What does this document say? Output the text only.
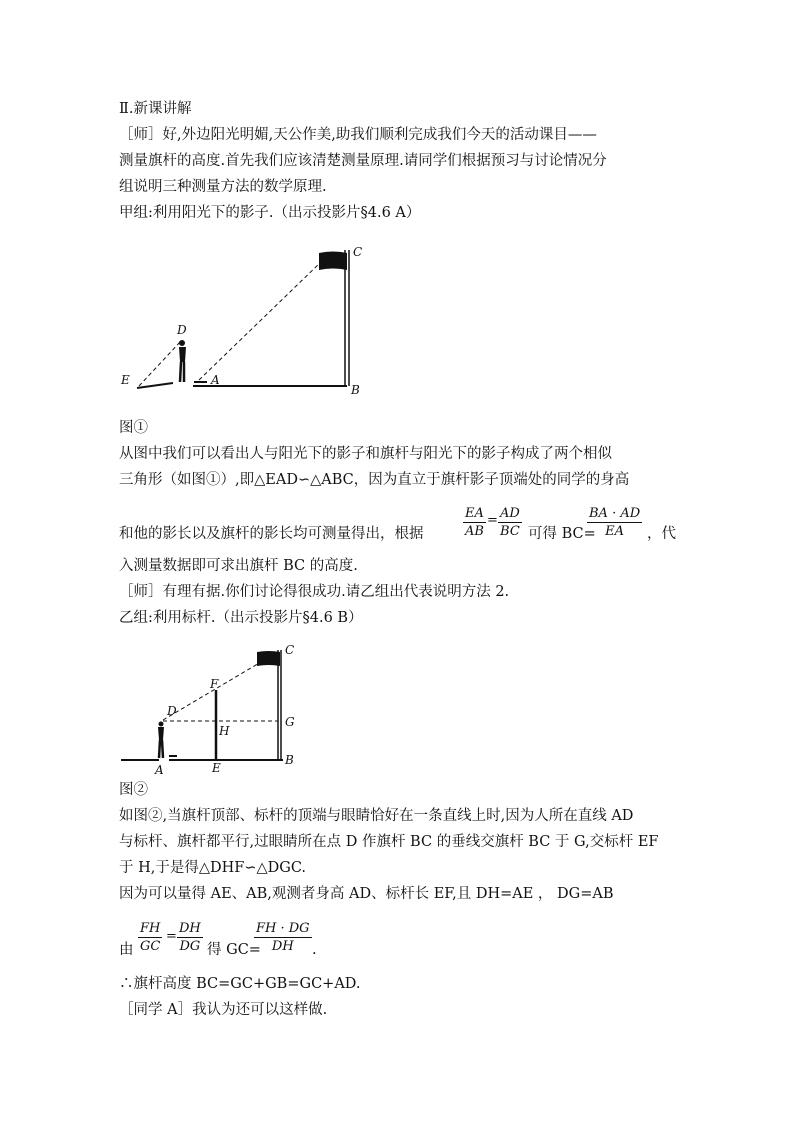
Ⅱ.新课讲解
［师］好,外边阳光明媚,天公作美,助我们顺利完成我们今天的活动课目——
测量旗杆的高度.首先我们应该清楚测量原理.请同学们根据预习与讨论情况分
组说明三种测量方法的数学原理.
甲组:利用阳光下的影子.（出示投影片§4.6 A）
C
D
E	A
B
图①
从图中我们可以看出人与阳光下的影子和旗杆与阳光下的影子构成了两个相似
三角形（如图①）,即△EAD∽△ABC，因为直立于旗杆影子顶端处的同学的身高
和他的影长以及旗杆的影长均可测量得出，根据	$\frac{EA}{AB} = \frac{AD}{BC}$ 可得 BC=
$\frac{BA \cdot AD}{EA}$ ，代
入测量数据即可求出旗杆 BC 的高度.
［师］有理有据.你们讨论得很成功.请乙组出代表说明方法 2.
乙组:利用标杆.（出示投影片§4.6 B）
C
F
D
G
H
A	E
B
图②
如图②,当旗杆顶部、标杆的顶端与眼睛恰好在一条直线上时,因为人所在直线 AD
与标杆、旗杆都平行,过眼睛所在点 D 作旗杆 BC 的垂线交旗杆 BC 于 G,交标杆 EF
于 H,于是得△DHF∽△DGC.
因为可以量得 AE、AB,观测者身高 AD、标杆长 EF,且 DH=AE ， DG=AB
由 $\frac{FH}{GC} = \frac{DH}{DG}$ 得 GC=
$\frac{FH \cdot DG}{DH}$ .
∴旗杆高度 BC=GC+GB=GC+AD.
［同学 A］我认为还可以这样做.
